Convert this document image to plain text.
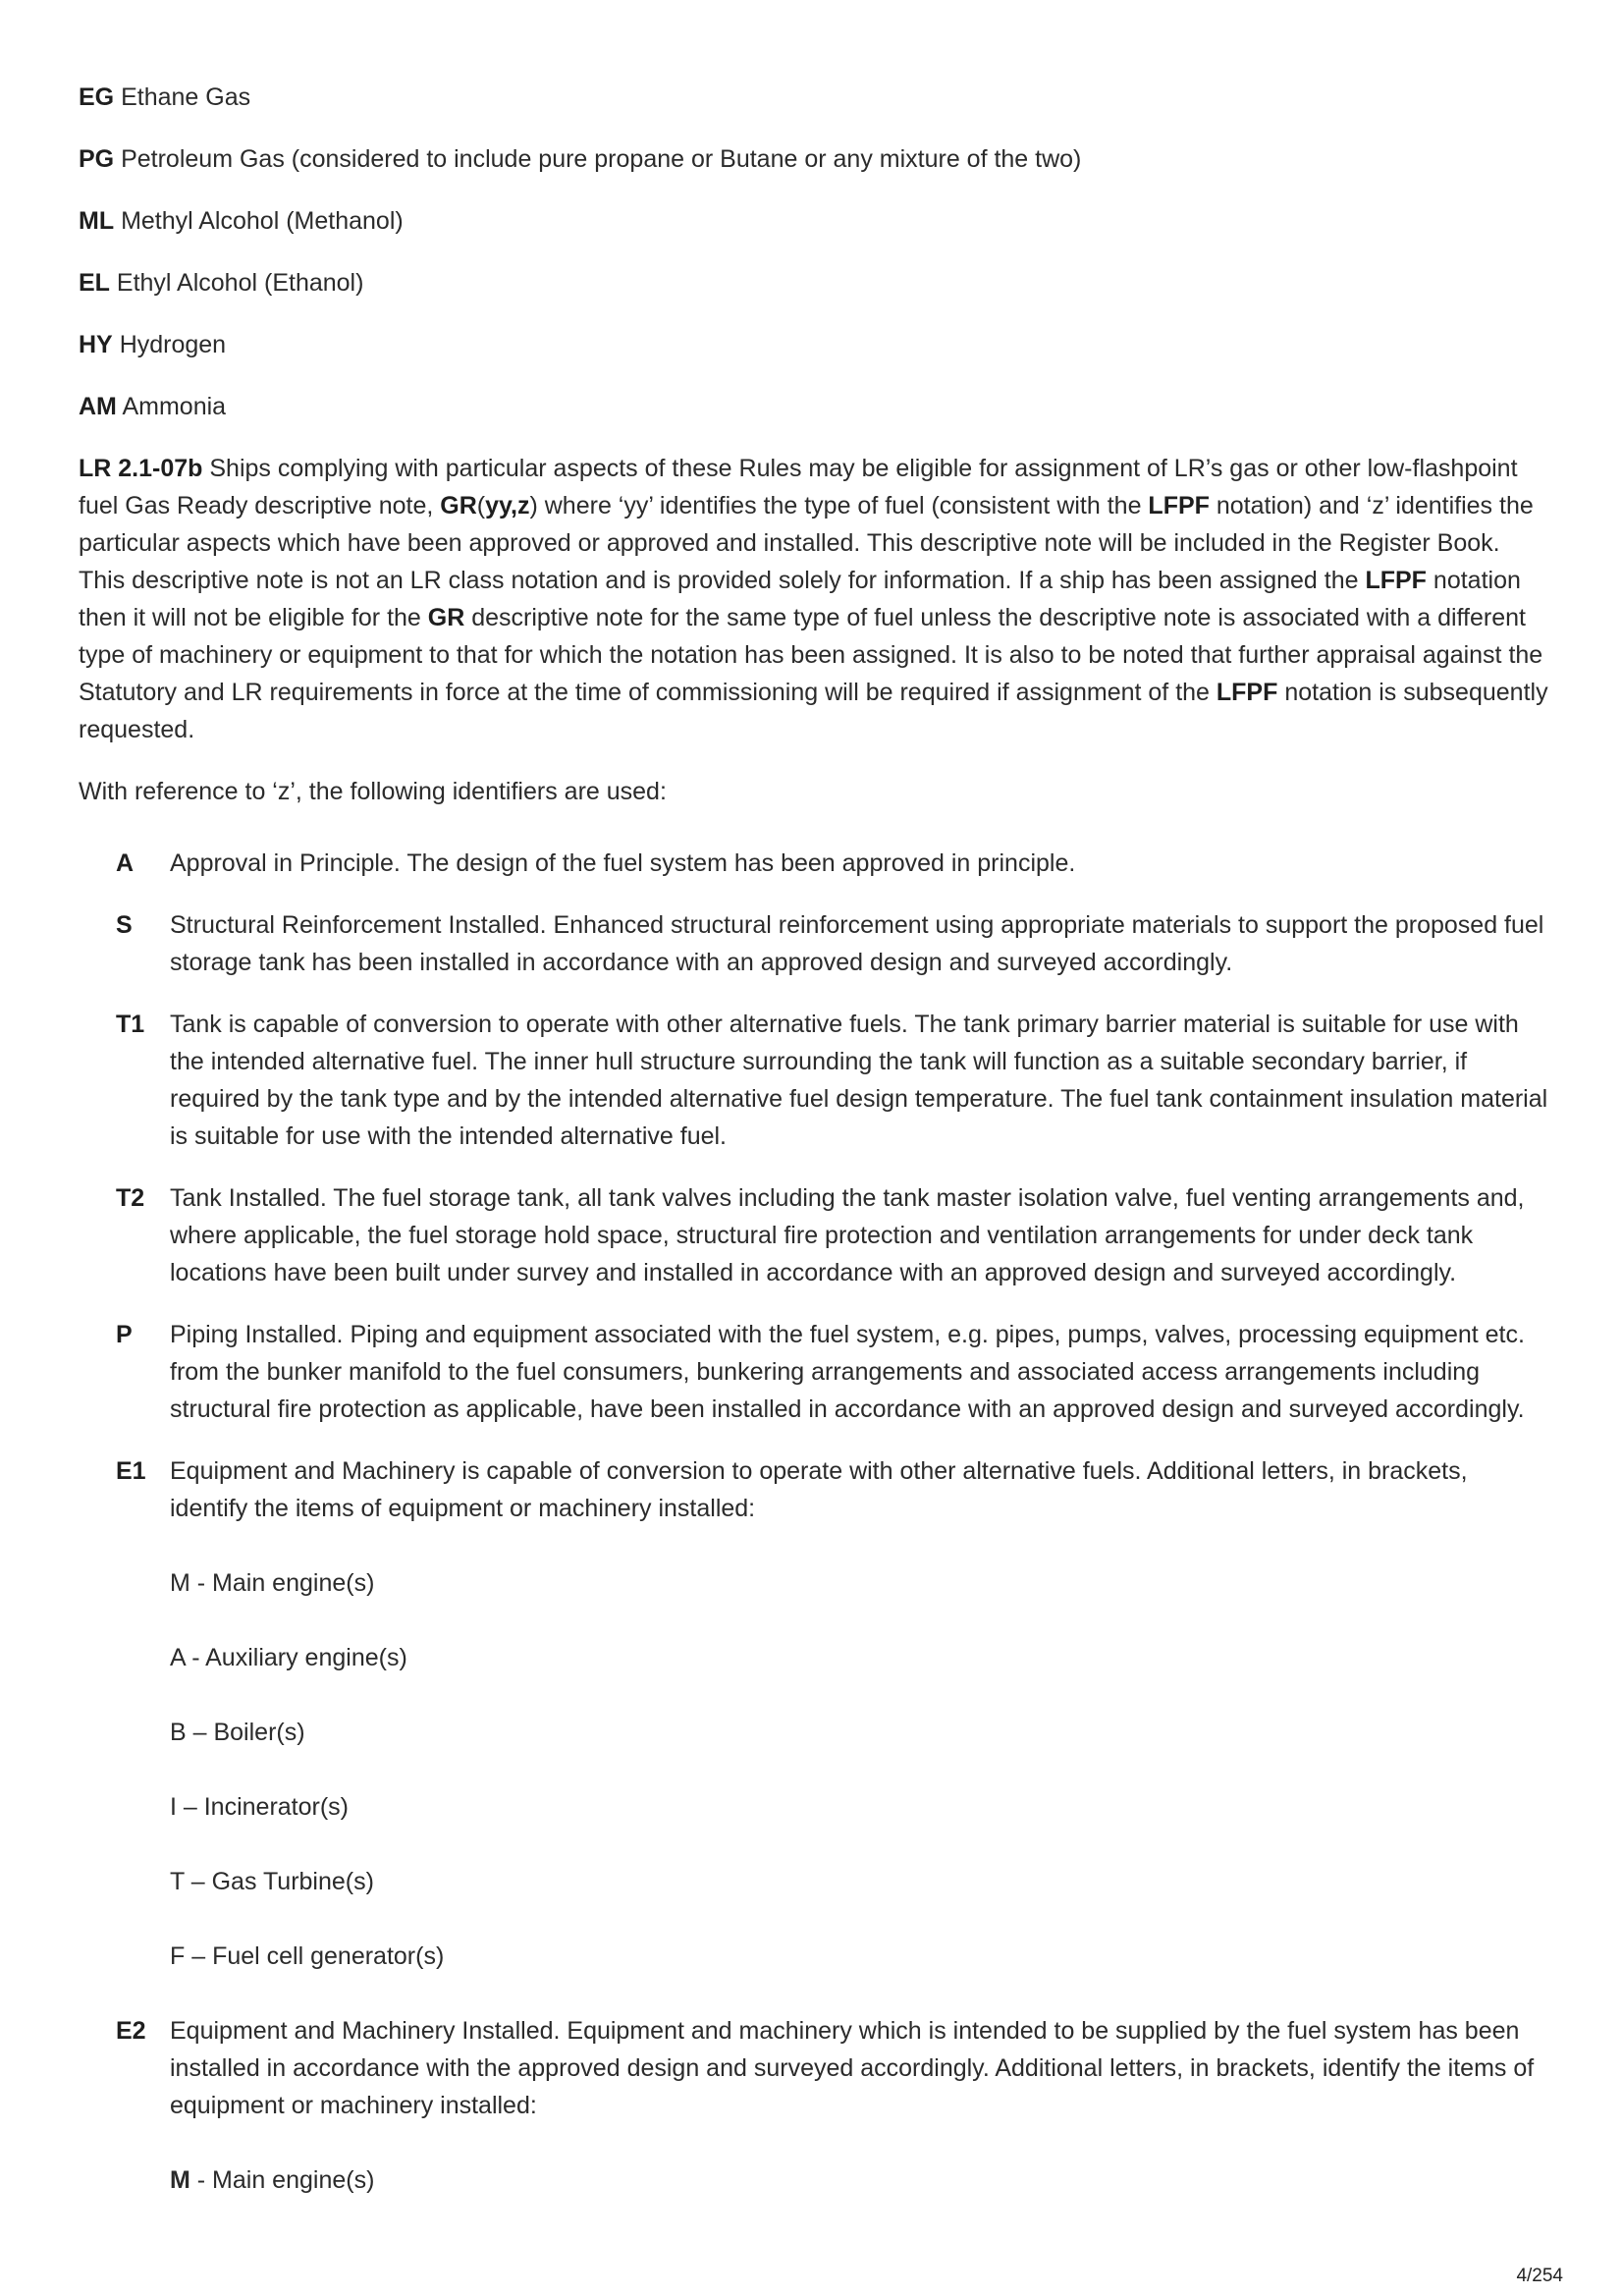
EG Ethane Gas

PG Petroleum Gas (considered to include pure propane or Butane or any mixture of the two)

ML Methyl Alcohol (Methanol)

EL Ethyl Alcohol (Ethanol)

HY Hydrogen

AM Ammonia

LR 2.1-07b Ships complying with particular aspects of these Rules may be eligible for assignment of LR’s gas or other low-flashpoint fuel Gas Ready descriptive note, GR(yy,z) where ‘yy’ identifies the type of fuel (consistent with the LFPF notation) and ‘z’ identifies the particular aspects which have been approved or approved and installed. This descriptive note will be included in the Register Book. This descriptive note is not an LR class notation and is provided solely for information. If a ship has been assigned the LFPF notation then it will not be eligible for the GR descriptive note for the same type of fuel unless the descriptive note is associated with a different type of machinery or equipment to that for which the notation has been assigned. It is also to be noted that further appraisal against the Statutory and LR requirements in force at the time of commissioning will be required if assignment of the LFPF notation is subsequently requested.

With reference to ‘z’, the following identifiers are used:

A Approval in Principle. The design of the fuel system has been approved in principle.
S Structural Reinforcement Installed. Enhanced structural reinforcement using appropriate materials to support the proposed fuel storage tank has been installed in accordance with an approved design and surveyed accordingly.
T1 Tank is capable of conversion to operate with other alternative fuels. The tank primary barrier material is suitable for use with the intended alternative fuel. The inner hull structure surrounding the tank will function as a suitable secondary barrier, if required by the tank type and by the intended alternative fuel design temperature. The fuel tank containment insulation material is suitable for use with the intended alternative fuel.
T2 Tank Installed. The fuel storage tank, all tank valves including the tank master isolation valve, fuel venting arrangements and, where applicable, the fuel storage hold space, structural fire protection and ventilation arrangements for under deck tank locations have been built under survey and installed in accordance with an approved design and surveyed accordingly.
P Piping Installed. Piping and equipment associated with the fuel system, e.g. pipes, pumps, valves, processing equipment etc. from the bunker manifold to the fuel consumers, bunkering arrangements and associated access arrangements including structural fire protection as applicable, have been installed in accordance with an approved design and surveyed accordingly.
E1 Equipment and Machinery is capable of conversion to operate with other alternative fuels. Additional letters, in brackets, identify the items of equipment or machinery installed:
M - Main engine(s)
A - Auxiliary engine(s)
B – Boiler(s)
I – Incinerator(s)
T – Gas Turbine(s)
F – Fuel cell generator(s)
E2 Equipment and Machinery Installed. Equipment and machinery which is intended to be supplied by the fuel system has been installed in accordance with the approved design and surveyed accordingly. Additional letters, in brackets, identify the items of equipment or machinery installed:
M - Main engine(s)
4/254
